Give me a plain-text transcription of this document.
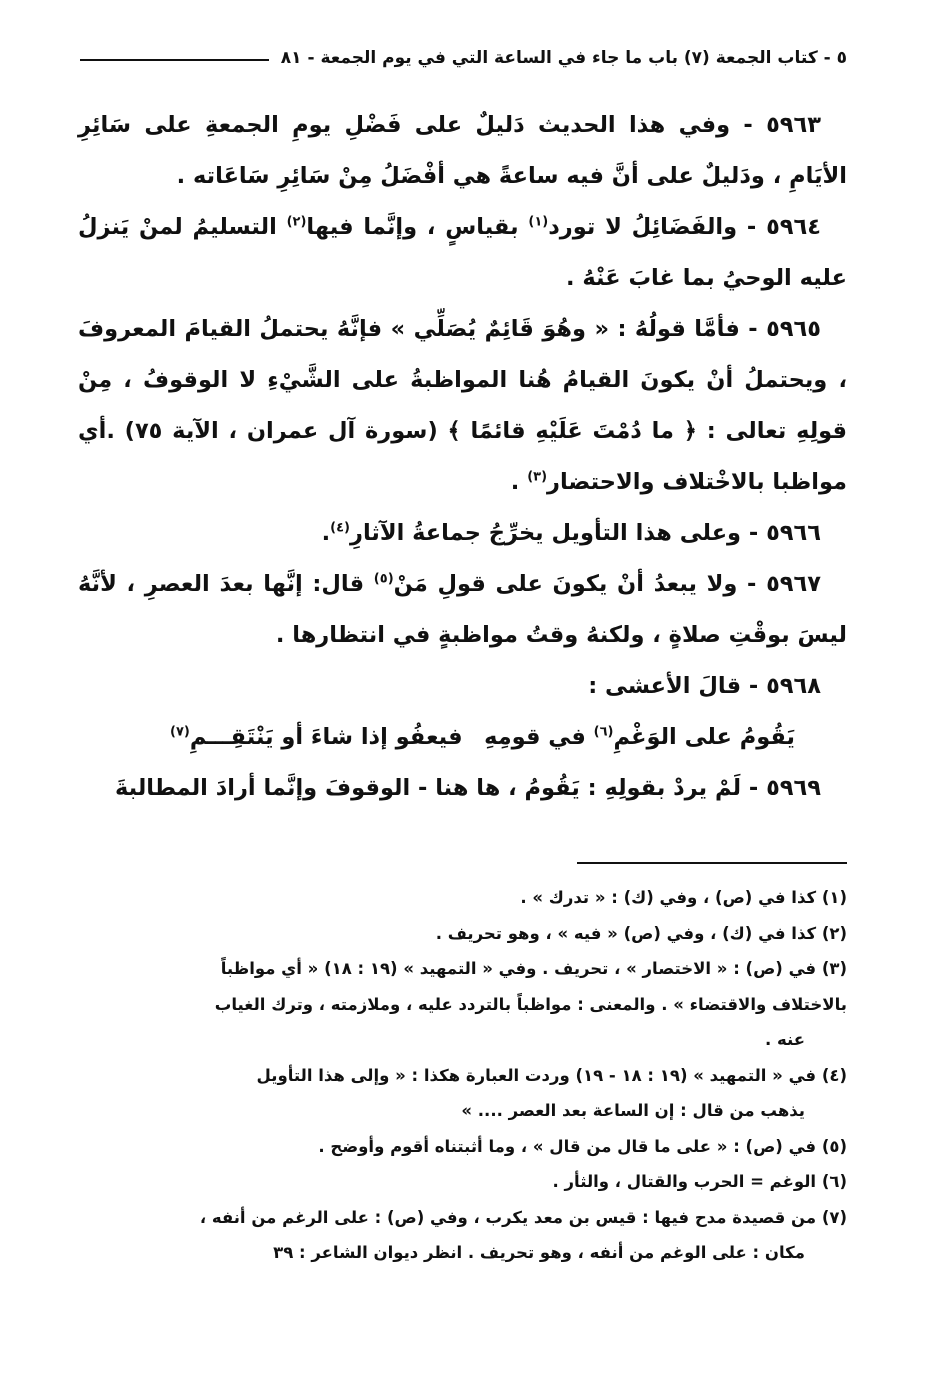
٥ - كتاب الجمعة (٧) باب ما جاء في الساعة التي في يوم الجمعة - ٨١

٥٩٦٣ - وفي هذا الحديث دَليلٌ على فَضْلِ يومِ الجمعةِ على سَائِرِ الأيَامِ ، ودَليلٌ على أنَّ فيه ساعةً هي أفْضَلُ مِنْ سَائِرِ سَاعَاته .

٥٩٦٤ - والفَضَائِلُ لا تورد$^{(١)}$ بقياسٍ ، وإنَّما فيها$^{(٢)}$ التسليمُ لمنْ يَنزلُ عليه الوحيُ بما غابَ عَنْهُ .

٥٩٦٥ - فأمَّا قولُهُ : « وهُوَ قَائِمٌ يُصَلِّي » فإنَّهُ يحتملُ القيامَ المعروفَ ، ويحتملُ أنْ يكونَ القيامُ هُنا المواظبةُ على الشَّيْءِ لا الوقوفُ ، مِنْ قولِهِ تعالى : ﴿ ما دُمْتَ عَلَيْهِ قائمًا ﴾ (سورة آل عمران ، الآية ٧٥) .أي مواظبا بالاخْتلاف والاحتضار$^{(٣)}$ .

٥٩٦٦ - وعلى هذا التأويل يخرِّجُ جماعةُ الآثارِ$^{(٤)}$.

٥٩٦٧ - ولا يبعدُ أنْ يكونَ على قولِ مَنْ$^{(٥)}$ قال: إنَّها بعدَ العصرِ ، لأنَّهُ ليسَ بوقْتِ صلاةٍ ، ولكنهُ وقتُ مواظبةٍ في انتظارها .

٥٩٦٨ - قالَ الأعشى :

يَقُومُ على الوَغْمِ$^{(٦)}$ في قومِهِ
فيعفُو إذا شاءَ أو يَنْتَقِـــمِ$^{(٧)}$

٥٩٦٩ - لَمْ يردْ بقولِهِ : يَقُومُ ، ها هنا - الوقوفَ وإنَّما أرادَ المطالبةَ

(١) كذا في (ص) ، وفي (ك) : « تدرك » .

(٢) كذا في (ك) ، وفي (ص) « فيه » ، وهو تحريف .

(٣) في (ص) : « الاختصار » ، تحريف . وفي « التمهيد » (١٩ : ١٨) « أي مواظباً

بالاختلاف والاقتضاء » . والمعنى : مواظباً بالتردد عليه ، وملازمته ، وترك الغياب

عنه .

(٤) في « التمهيد » (١٩ : ١٨ - ١٩) وردت العبارة هكذا : « وإلى هذا التأويل

يذهب من قال : إن الساعة بعد العصر .... »

(٥) في (ص) : « على ما قال من قال » ، وما أثبتناه أقوم وأوضح .

(٦) الوغم = الحرب والقتال ، والثأر .

(٧) من قصيدة مدح فيها : قيس بن معد يكرب ، وفي (ص) : على الرغم من أنفه ،

مكان : على الوغم من أنفه ، وهو تحريف . انظر ديوان الشاعر : ٣٩
